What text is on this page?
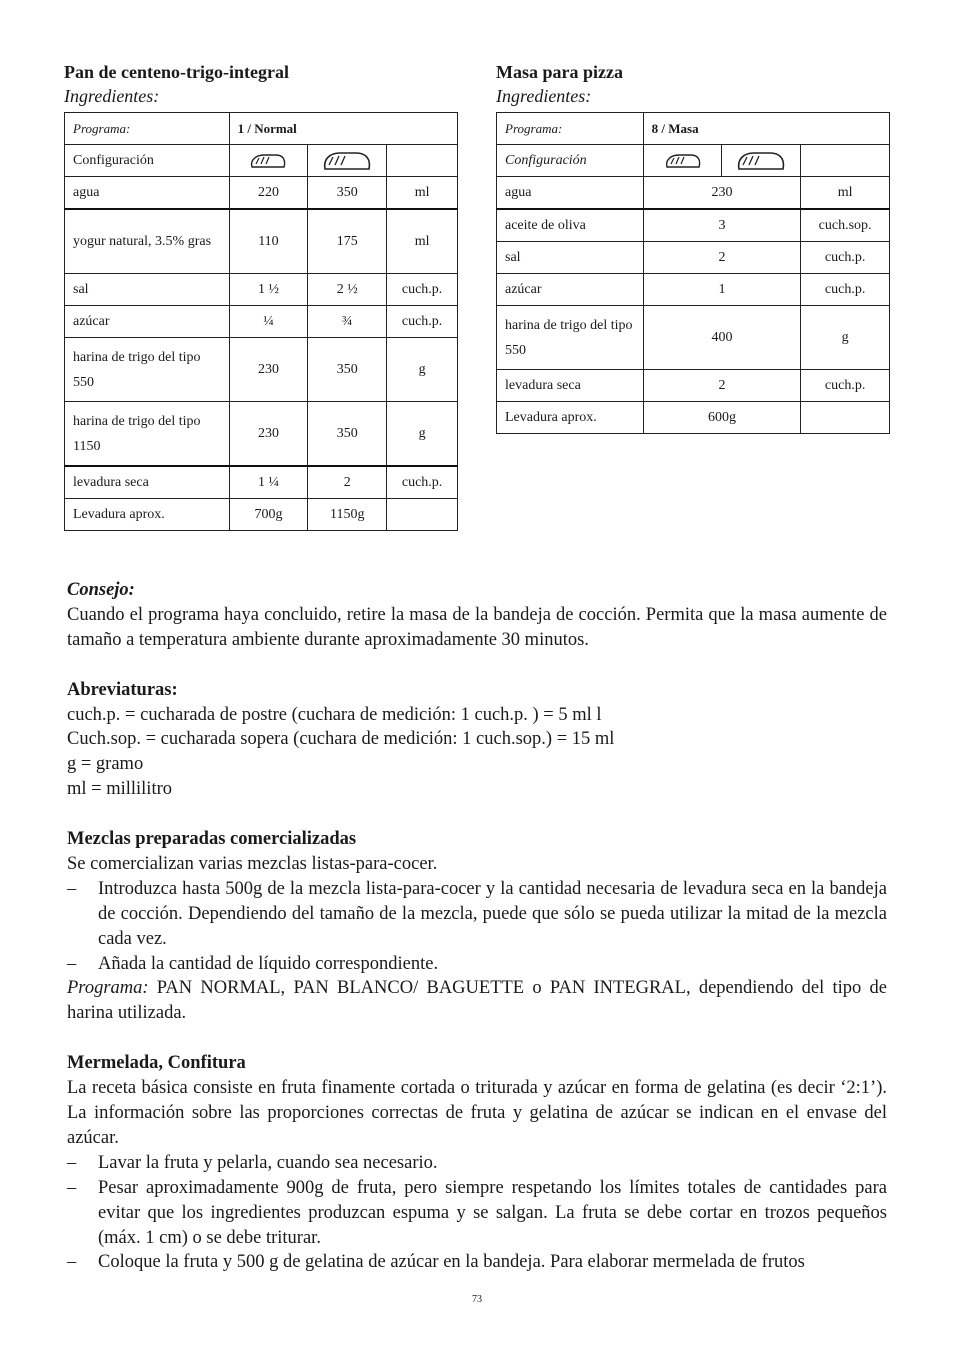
Pan de centeno-trigo-integral

Ingredientes:

Programa:	1 / Normal		
Configuración			
agua	220	350	ml
yogur natural, 3.5% gras	110	175	ml
sal	1 ½	2 ½	cuch.p.
azúcar	¼	¾	cuch.p.
harina de trigo del tipo 550	230	350	g
harina de trigo del tipo 1150	230	350	g
levadura seca	1 ¼	2	cuch.p.
Levadura aprox.	700g	1150g	
Masa para pizza

Ingredientes:

Programa:	8 / Masa		
Configuración			
agua	230		ml
aceite de oliva	3		cuch.sop.
sal	2		cuch.p.
azúcar	1		cuch.p.
harina de trigo del tipo 550	400		g
levadura seca	2		cuch.p.
Levadura aprox.	600g		

Consejo:

Cuando el programa haya concluido, retire la masa de la bandeja de cocción. Permita que la masa aumente de tamaño a temperatura ambiente durante aproximadamente 30 minutos.

Abreviaturas:

cuch.p. = cucharada de postre (cuchara de medición: 1 cuch.p. ) = 5 ml l

Cuch.sop. = cucharada sopera (cuchara de medición: 1 cuch.sop.) = 15 ml

g = gramo

ml = millilitro

Mezclas preparadas comercializadas

Se comercializan varias mezclas listas-para-cocer.

– Introduzca hasta 500g de la mezcla lista-para-cocer y la cantidad necesaria de levadura seca en la bandeja de cocción. Dependiendo del tamaño de la mezcla, puede que sólo se pueda utilizar la mitad de la mezcla cada vez.
– Añada la cantidad de líquido correspondiente.

Programa: PAN NORMAL, PAN BLANCO/ BAGUETTE o PAN INTEGRAL, dependiendo del tipo de harina utilizada.

Mermelada, Confitura

La receta básica consiste en fruta finamente cortada o triturada y azúcar en forma de gelatina (es decir ‘2:1’). La información sobre las proporciones correctas de fruta y gelatina de azúcar se indican en el envase del azúcar.

– Lavar la fruta y pelarla, cuando sea necesario.
– Pesar aproximadamente 900g de fruta, pero siempre respetando los límites totales de cantidades para evitar que los ingredientes produzcan espuma y se salgan. La fruta se debe cortar en trozos pequeños (máx. 1 cm) o se debe triturar.
– Coloque la fruta y 500 g de gelatina de azúcar en la bandeja. Para elaborar mermelada de frutos
73
